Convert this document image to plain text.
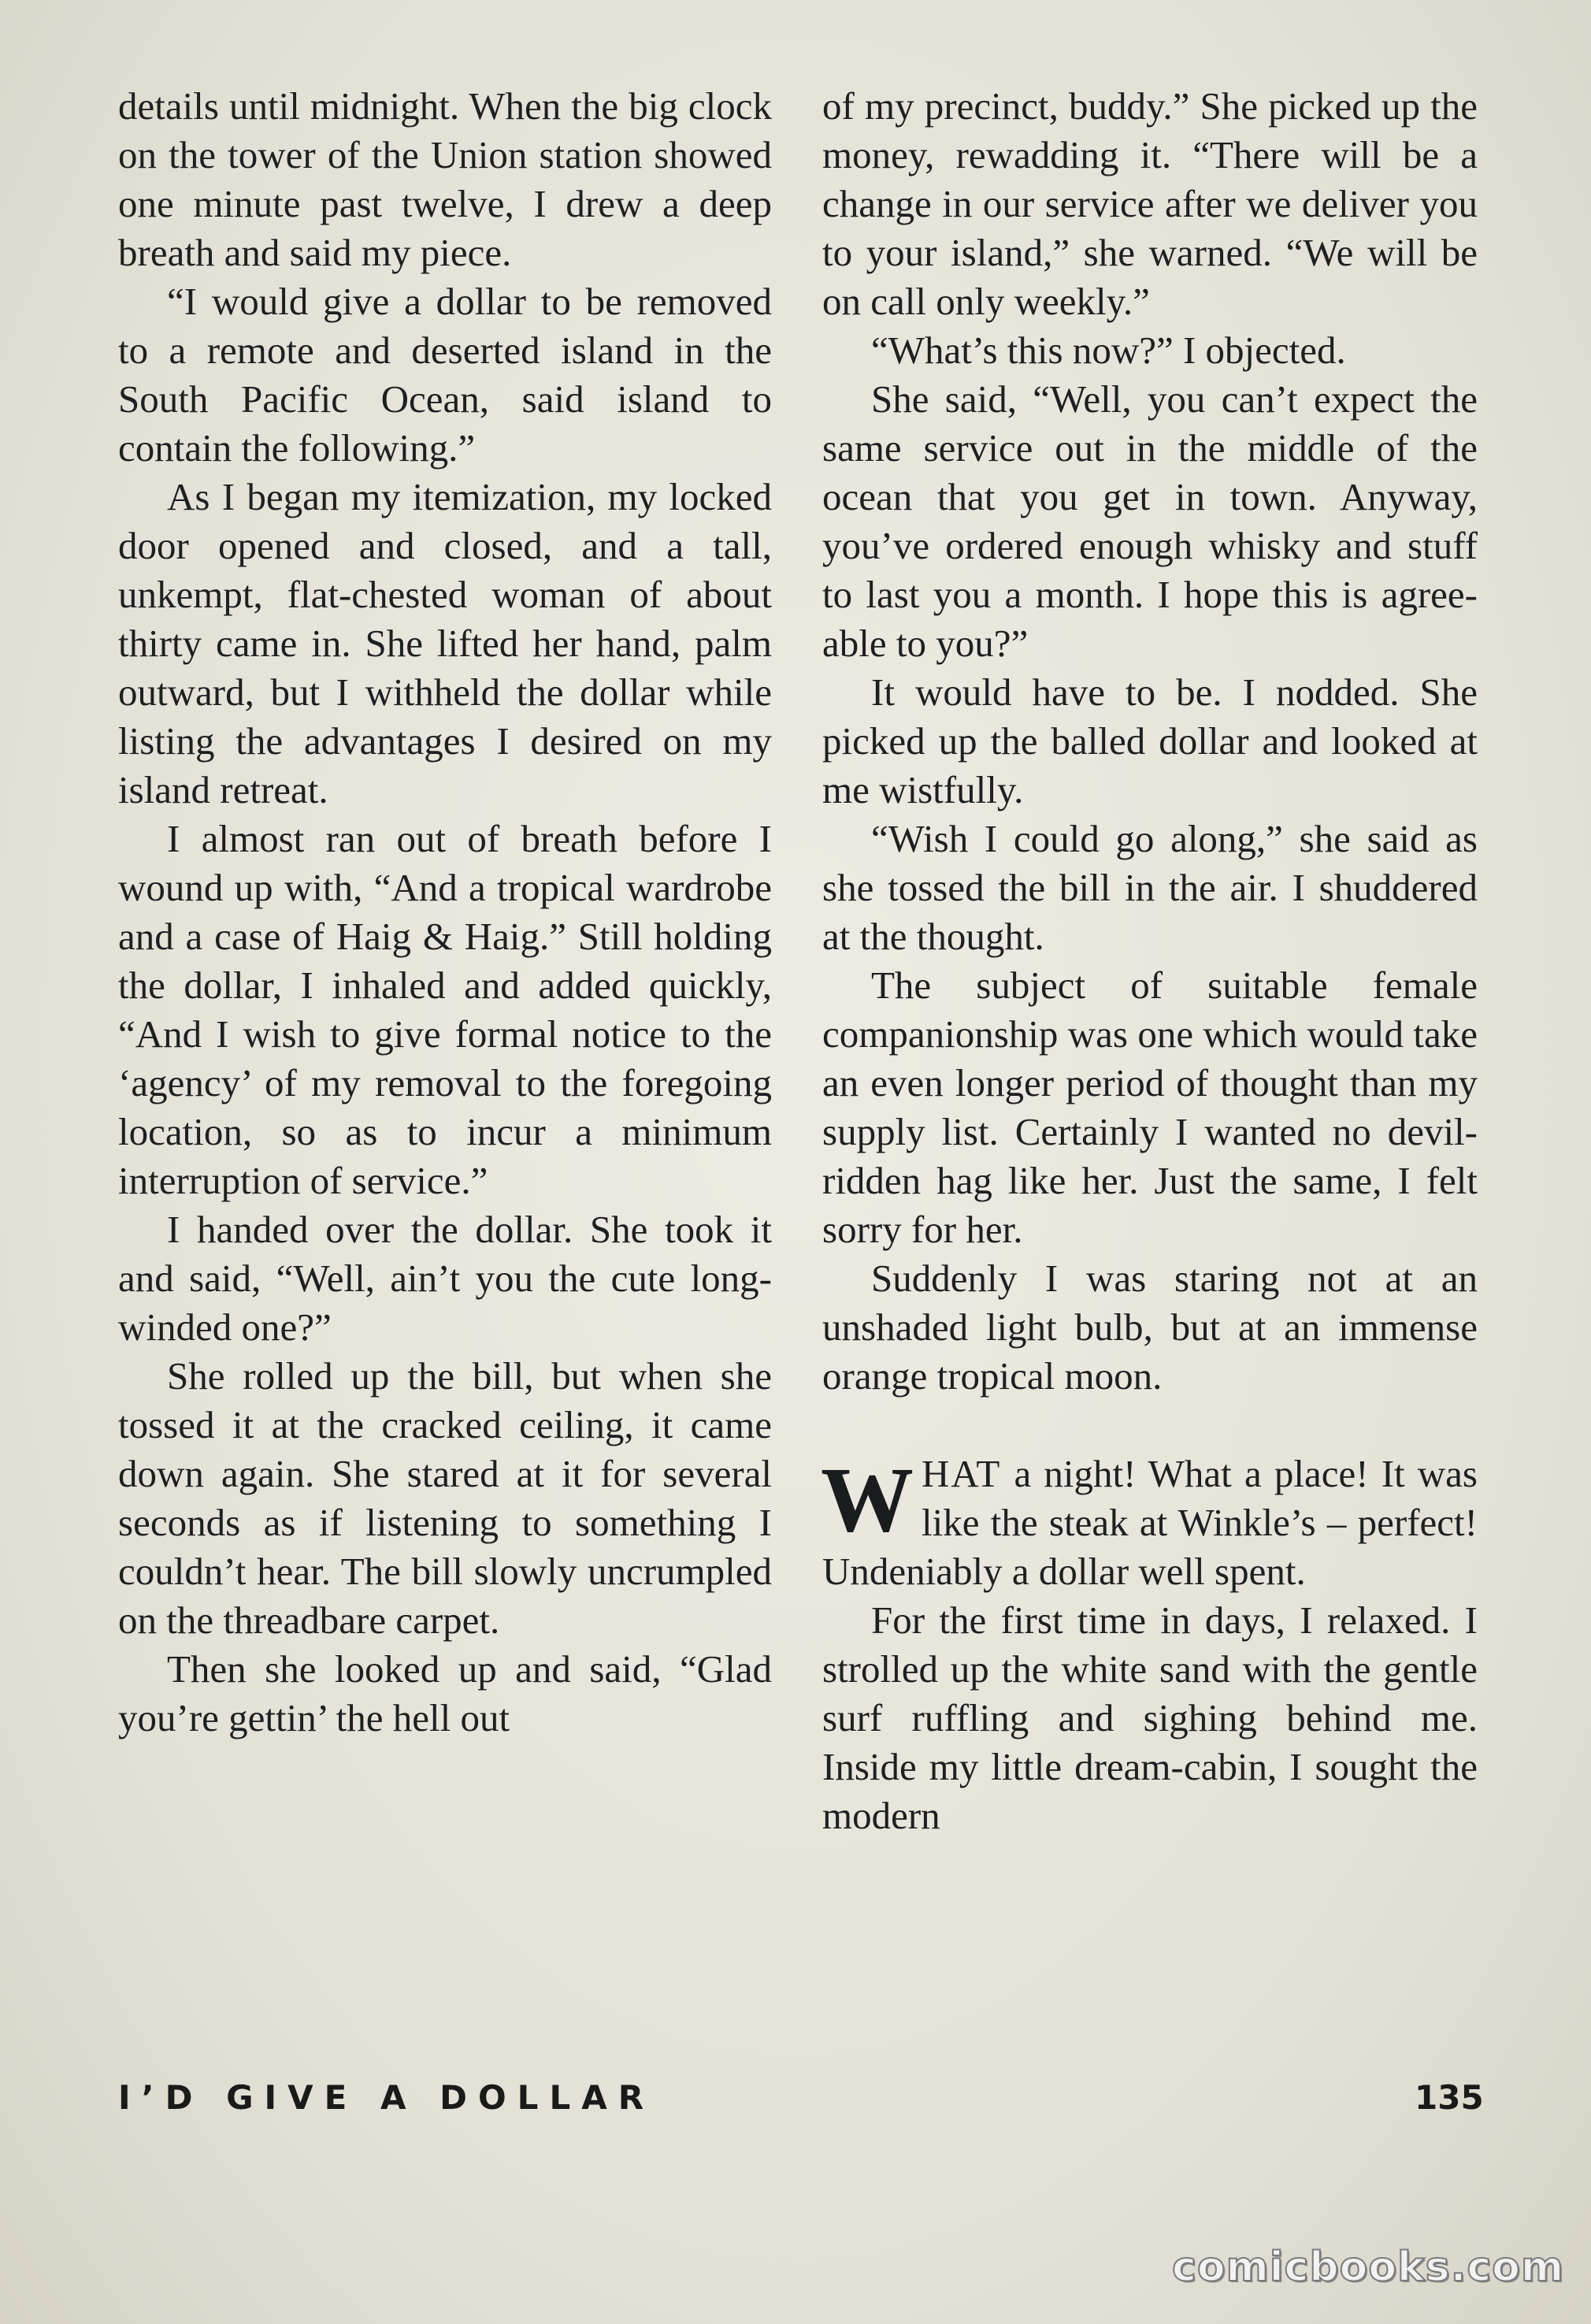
details until midnight. When the big clock on the tower of the Union station showed one minute past twelve, I drew a deep breath and said my piece.

“I would give a dollar to be removed to a remote and deserted island in the South Pacific Ocean, said island to contain the following.”

As I began my itemization, my locked door opened and closed, and a tall, unkempt, flat-chested woman of about thirty came in. She lifted her hand, palm outward, but I withheld the dollar while listing the advantages I desired on my island retreat.

I almost ran out of breath before I wound up with, “And a tropical wardrobe and a case of Haig & Haig.” Still holding the dollar, I inhaled and added quickly, “And I wish to give formal notice to the ‘agency’ of my removal to the foregoing location, so as to incur a minimum interruption of service.”

I handed over the dollar. She took it and said, “Well, ain’t you the cute long-winded one?”

She rolled up the bill, but when she tossed it at the cracked ceiling, it came down again. She stared at it for several seconds as if listening to something I couldn’t hear. The bill slowly uncrumpled on the threadbare carpet.

Then she looked up and said, “Glad you’re gettin’ the hell out

of my precinct, buddy.” She picked up the money, rewadding it. “There will be a change in our service after we deliver you to your island,” she warned. “We will be on call only weekly.”

“What’s this now?” I objected.

She said, “Well, you can’t expect the same service out in the middle of the ocean that you get in town. Anyway, you’ve ordered enough whisky and stuff to last you a month. I hope this is agreeable to you?”

It would have to be. I nodded. She picked up the balled dollar and looked at me wistfully.

“Wish I could go along,” she said as she tossed the bill in the air. I shuddered at the thought.

The subject of suitable female companionship was one which would take an even longer period of thought than my supply list. Certainly I wanted no devil-ridden hag like her. Just the same, I felt sorry for her.

Suddenly I was staring not at an unshaded light bulb, but at an immense orange tropical moon.

WHAT a night! What a place! It was like the steak at Winkle’s – perfect! Undeniably a dollar well spent.

For the first time in days, I relaxed. I strolled up the white sand with the gentle surf ruffling and sighing behind me. Inside my little dream-cabin, I sought the modern

I’D GIVE A DOLLAR	135
comicbooks.com
